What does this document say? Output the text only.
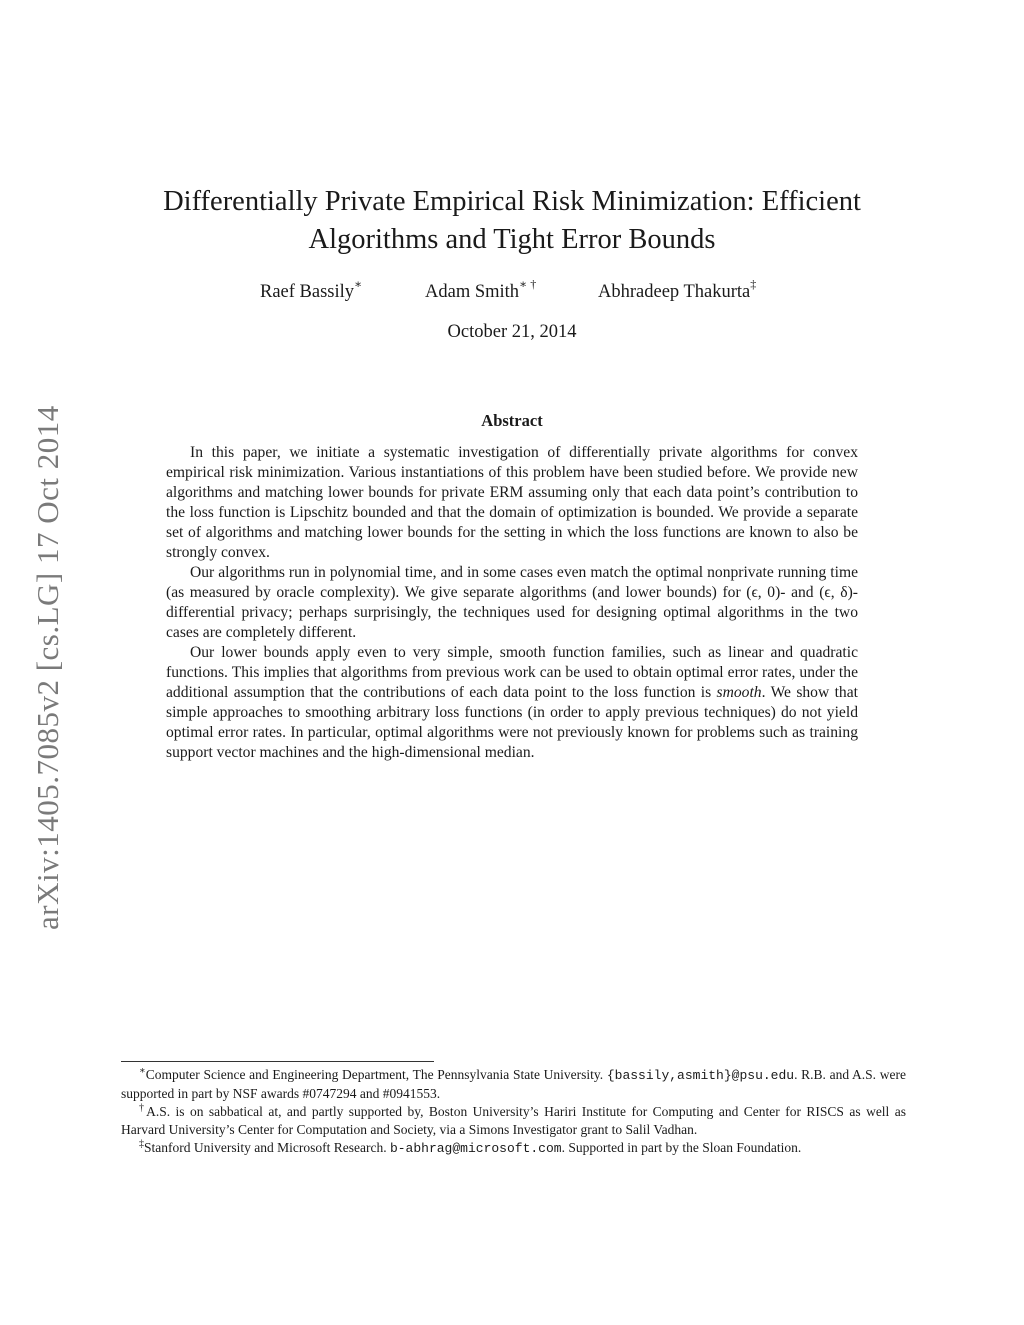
arXiv:1405.7085v2 [cs.LG] 17 Oct 2014
Differentially Private Empirical Risk Minimization: Efficient Algorithms and Tight Error Bounds
Raef Bassily∗	Adam Smith∗ †	Abhradeep Thakurta‡
October 21, 2014
Abstract

In this paper, we initiate a systematic investigation of differentially private algorithms for convex empirical risk minimization. Various instantiations of this problem have been studied before. We provide new algorithms and matching lower bounds for private ERM assuming only that each data point’s contribution to the loss function is Lipschitz bounded and that the domain of optimization is bounded. We provide a separate set of algorithms and matching lower bounds for the setting in which the loss functions are known to also be strongly convex.

Our algorithms run in polynomial time, and in some cases even match the optimal nonprivate running time (as measured by oracle complexity). We give separate algorithms (and lower bounds) for (ϵ, 0)- and (ϵ, δ)-differential privacy; perhaps surprisingly, the techniques used for designing optimal algorithms in the two cases are completely different.

Our lower bounds apply even to very simple, smooth function families, such as linear and quadratic functions. This implies that algorithms from previous work can be used to obtain optimal error rates, under the additional assumption that the contributions of each data point to the loss function is smooth. We show that simple approaches to smoothing arbitrary loss functions (in order to apply previous techniques) do not yield optimal error rates. In particular, optimal algorithms were not previously known for problems such as training support vector machines and the high-dimensional median.

∗Computer Science and Engineering Department, The Pennsylvania State University. {bassily,asmith}@psu.edu. R.B. and A.S. were supported in part by NSF awards #0747294 and #0941553.

†A.S. is on sabbatical at, and partly supported by, Boston University’s Hariri Institute for Computing and Center for RISCS as well as Harvard University’s Center for Computation and Society, via a Simons Investigator grant to Salil Vadhan.

‡Stanford University and Microsoft Research. b-abhrag@microsoft.com. Supported in part by the Sloan Foundation.
